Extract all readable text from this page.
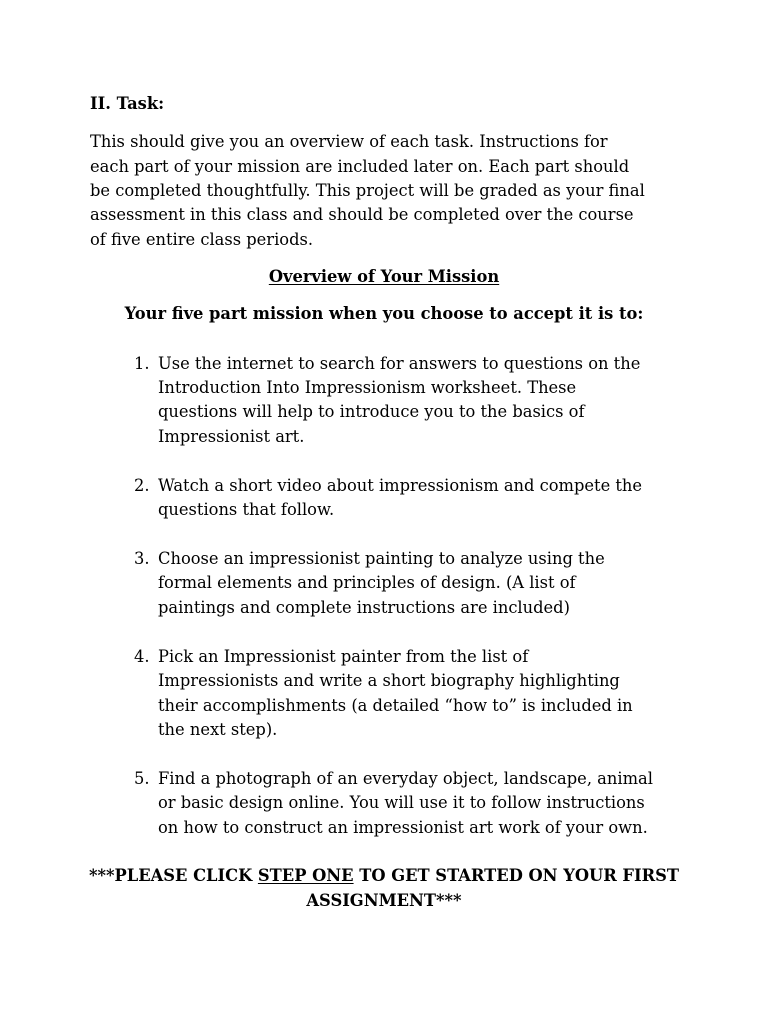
II. Task:
This should give you an overview of each task. Instructions for
each part of your mission are included later on. Each part should
be completed thoughtfully. This project will be graded as your final
assessment in this class and should be completed over the course
of five entire class periods.
Overview of Your Mission
Your five part mission when you choose to accept it is to:
1. Use the internet to search for answers to questions on the
Introduction Into Impressionism worksheet. These
questions will help to introduce you to the basics of
Impressionist art.
2. Watch a short video about impressionism and compete the
questions that follow.
3. Choose an impressionist painting to analyze using the
formal elements and principles of design. (A list of
paintings and complete instructions are included)
4. Pick an Impressionist painter from the list of
Impressionists and write a short biography highlighting
their accomplishments (a detailed “how to” is included in
the next step).
5. Find a photograph of an everyday object, landscape, animal
or basic design online. You will use it to follow instructions
on how to construct an impressionist art work of your own.
***PLEASE CLICK STEP ONE TO GET STARTED ON YOUR FIRST
ASSIGNMENT***
